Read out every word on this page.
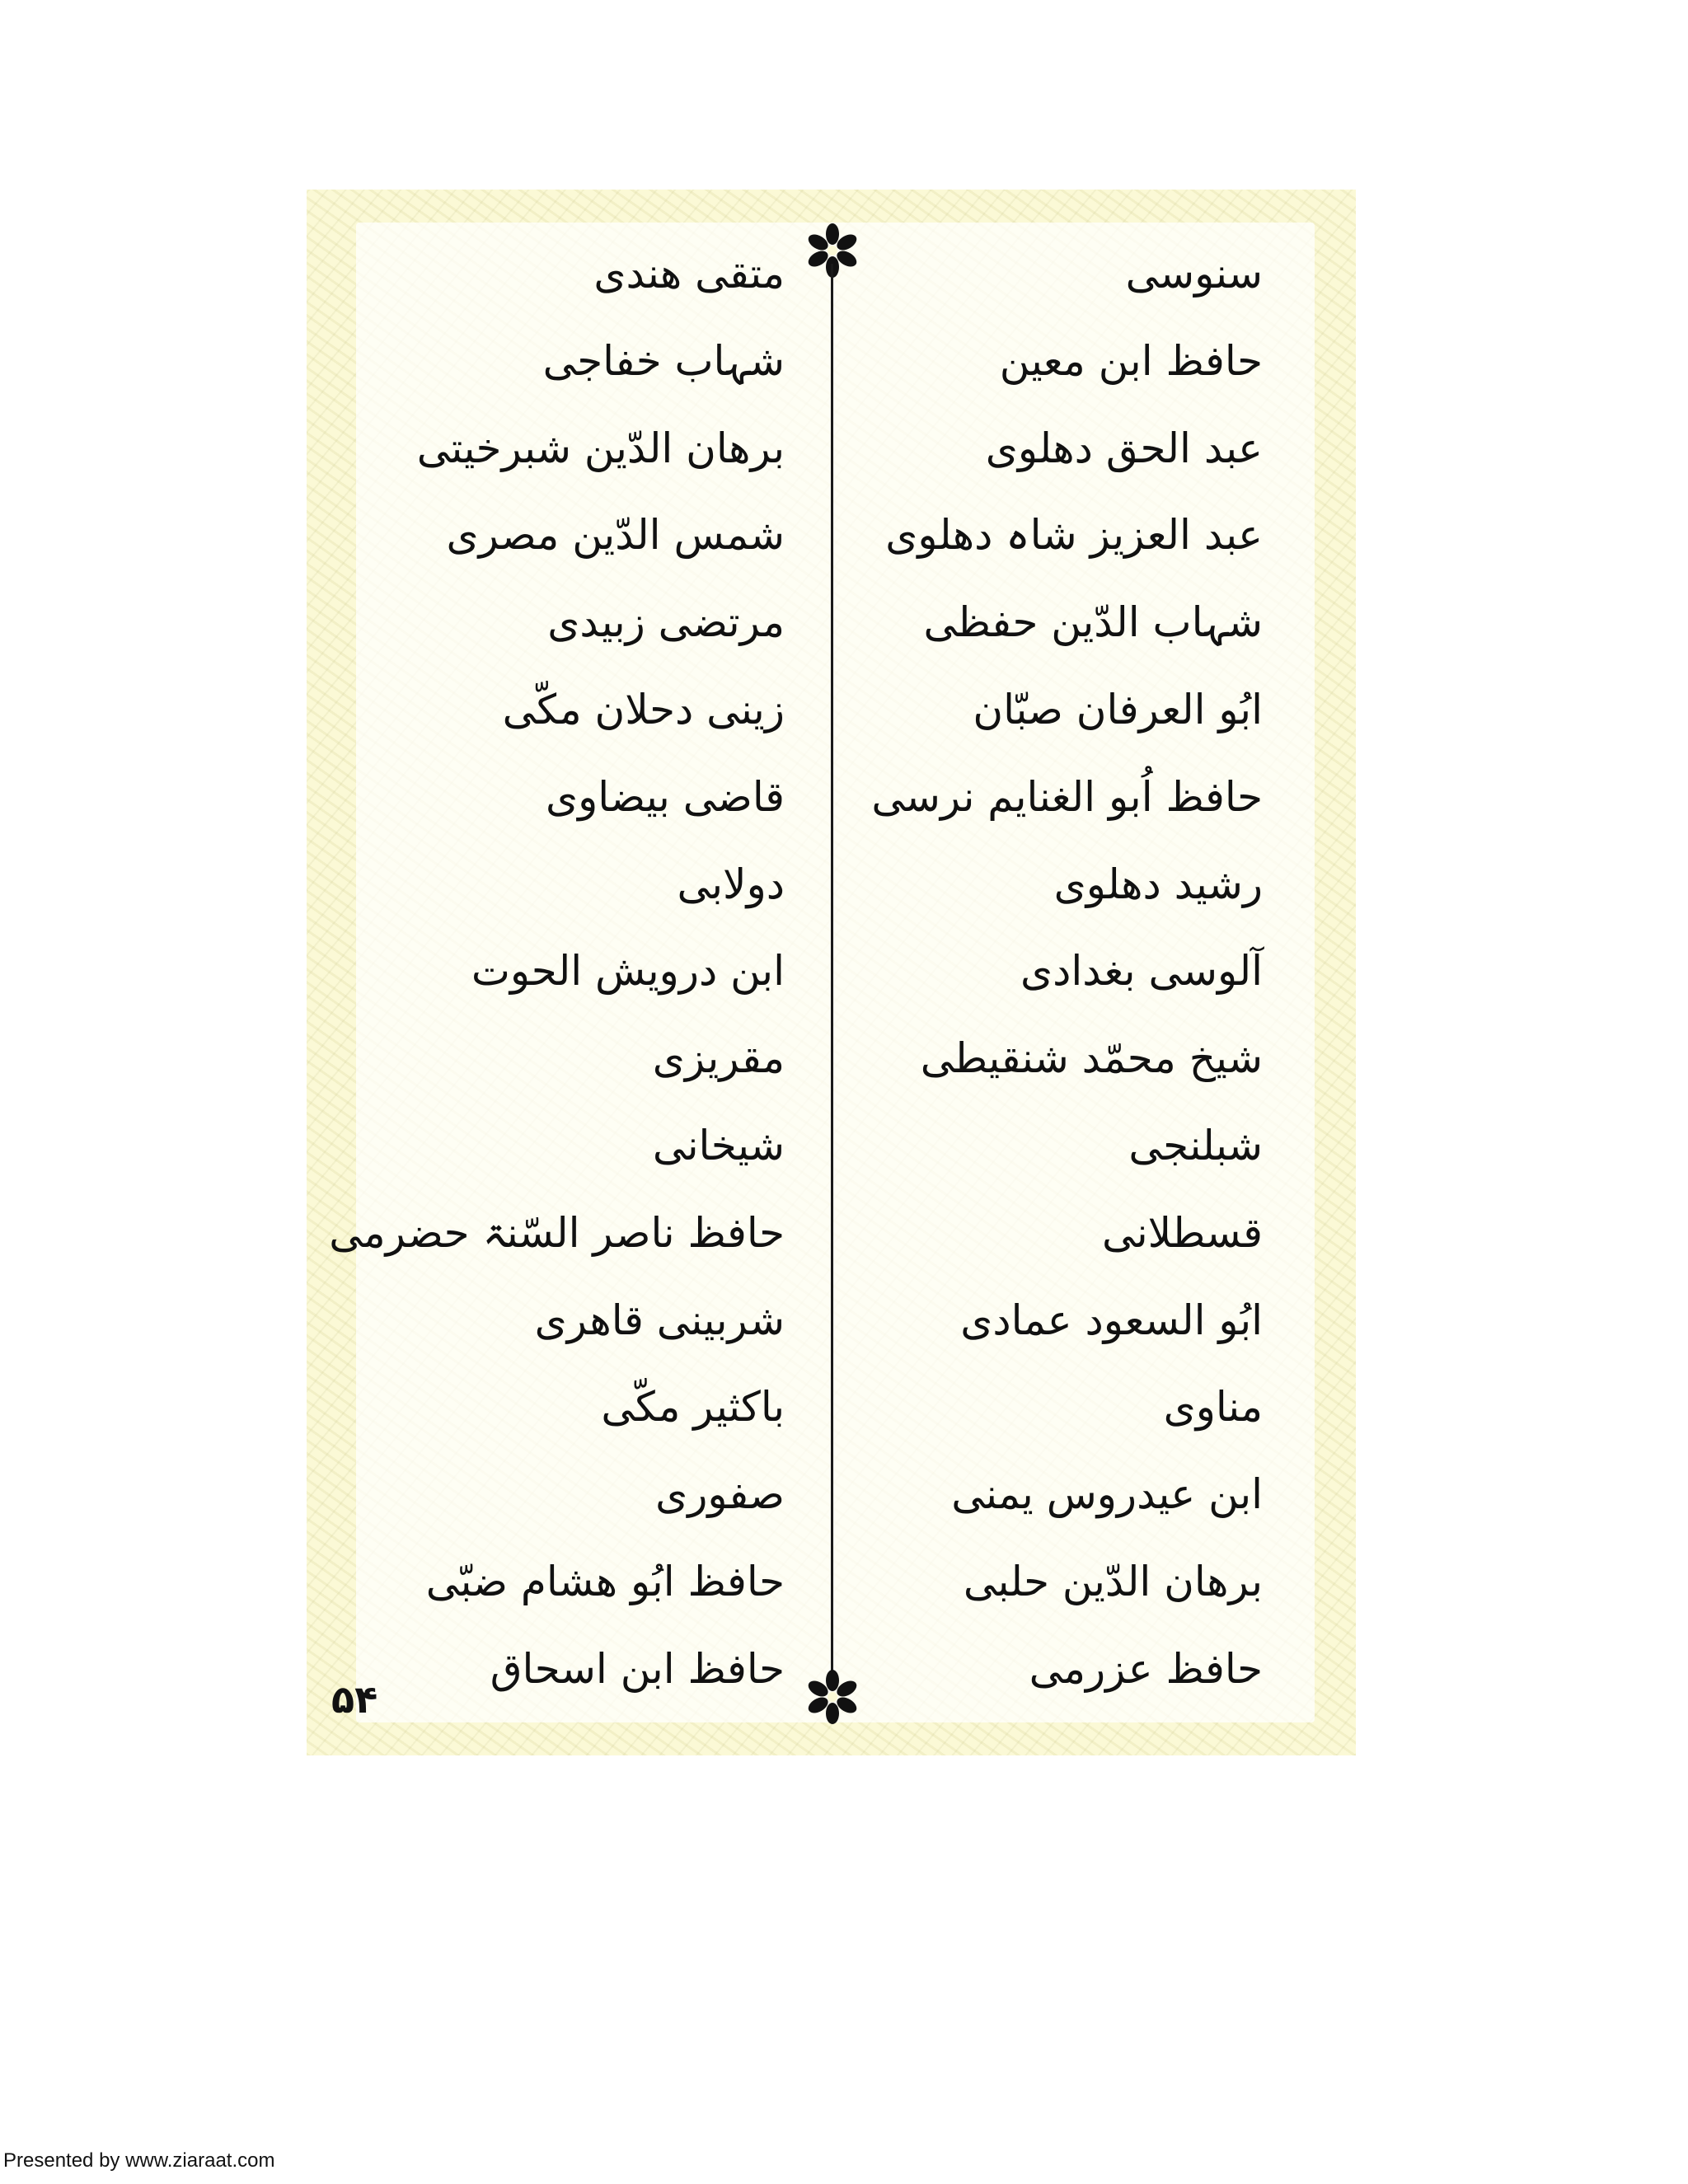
سنوسی
حافظ ابن معین
عبد الحق دھلوی
عبد العزیز شاہ دھلوی
شہاب الدّین حفظی
ابُو العرفان صبّان
حافظ اُبو الغنایم نرسی
رشید دھلوی
آلوسی بغدادی
شیخ محمّد شنقیطی
شبلنجی
قسطلانی
ابُو السعود عمادی
مناوی
ابن عیدروس یمنی
برھان الدّین حلبی
حافظ عزرمی
متقی ھندی
شہاب خفاجی
برھان الدّین شبرخیتی
شمس الدّین مصری
مرتضی زبیدی
زینی دحلان مکّی
قاضی بیضاوی
دولابی
ابن درویش الحوت
مقریزی
شیخانی
حافظ ناصر السّنۃ حضرمی
شربینی قاھری
باکثیر مکّی
صفوری
حافظ ابُو ھشام ضبّی
حافظ ابن اسحاق
۵۴
Presented by www.ziaraat.com
